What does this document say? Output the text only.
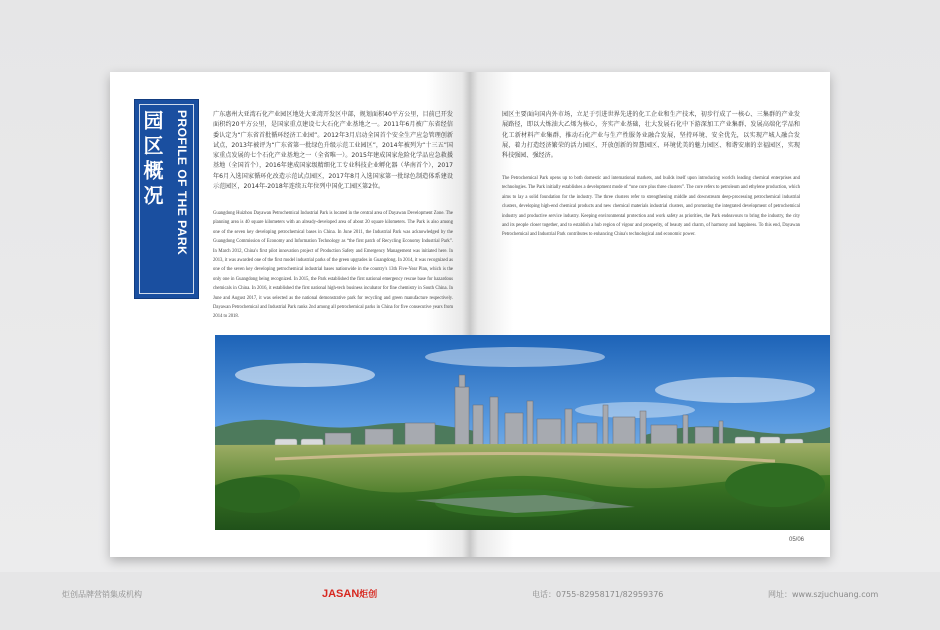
园区概况 PROFILE OF THE PARK	广东惠州大亚湾石化产业园区地处大亚湾开发区中部，规划面积40平方公里，目前已开发面积约20平方公里，是国家重点建设七大石化产业基地之一。2011年6月被广东省经信委认定为“广东省首批循环经济工业园”。2012年3月启动全国首个安全生产应急管理创新试点，2013年被评为“广东省第一批绿色升级示范工业园区”，2014年被列为“十三五”国家重点发展的七个石化产业基地之一（全省唯一）。2015年建成国家危险化学品应急救援基地（全国首个），2016年建成国家级精细化工专业科技企业孵化器（华南首个），2017年6月入选国家循环化改造示范试点园区，2017年8月入选国家第一批绿色制造体系建设示范园区，2014年-2018年连续五年位列中国化工园区第2位。
Guangdong Huizhou Dayawan Petrochemical Industrial Park is located in the central area of Dayawan Development Zone. The planning area is 40 square kilometers with an already-developed area of about 20 square kilometers. The Park is also among one of the seven key developing petrochemical bases in China. In June 2011, the Industrial Park was acknowledged by the Guangdong Commission of Economy and Information Technology as “the first patch of Recycling Economy Industrial Park”. In March 2012, China's first pilot innovation project of Production Safety and Emergency Management was initiated here. In 2013, it was awarded one of the first model industrial parks of the green upgrades in Guangdong. In 2014, it was recognized as one of the seven key developing petrochemical industrial bases nationwide in the country's 13th Five-Year Plan, which is the only one in Guangdong being recognized. In 2015, the Park established the first national emergency rescue base for hazardous chemicals in China. In 2016, it established the first national high-tech business incubator for fine chemistry in South China. In June and August 2017, it was selected as the national demonstrative park for recycling and green manufacture respectively. Dayawan Petrochemical and Industrial Park ranks 2nd among all petrochemical parks in China for five consecutive years from 2014 to 2018.
园区主要面向国内外市场，立足于引进世界先进的化工企业和生产技术，初步行成了一核心、三集群的产业发展路径，即以大炼油大乙烯为核心，夯实产业基础，壮大发展石化中下游深加工产业集群、发展高端化学品和化工新材料产业集群，推动石化产业与生产性服务业融合发展，坚持环境、安全优先，以实现产城人融合发展，着力打造经济繁荣的活力园区、开放创新的智慧园区、环境优美的魅力园区、和谐安康的幸福园区，实现科技强园、强经济。
The Petrochemical Park opens up to both domestic and international markets, and builds itself upon introducing world's leading chemical enterprises and technologies. The Park initially establishes a development mode of “one core plus three clusters”. The core refers to petroleum and ethylene production, which aims to lay a solid foundation for the industry. The three clusters refer to strengthening middle and downstream deep-processing petrochemical industrial clusters, developing high-end chemical products and new chemical materials industrial clusters, and promoting the integrated development of petrochemical industry and productive service industry. Keeping environmental protection and work safety as priorities, the Park endeavours to bring the industry, the city and its people closer together, and to establish a hub region of vigour and prosperity, of beauty and charm, of harmony and happiness. To this end, Dayawan Petrochemical and Industrial Park contributes to enhancing China's technological and economic power.
05/06
炬创品牌营销集成机构	JASAN炬创	电话：0755-82958171/82959376	网址：www.szjuchuang.com
